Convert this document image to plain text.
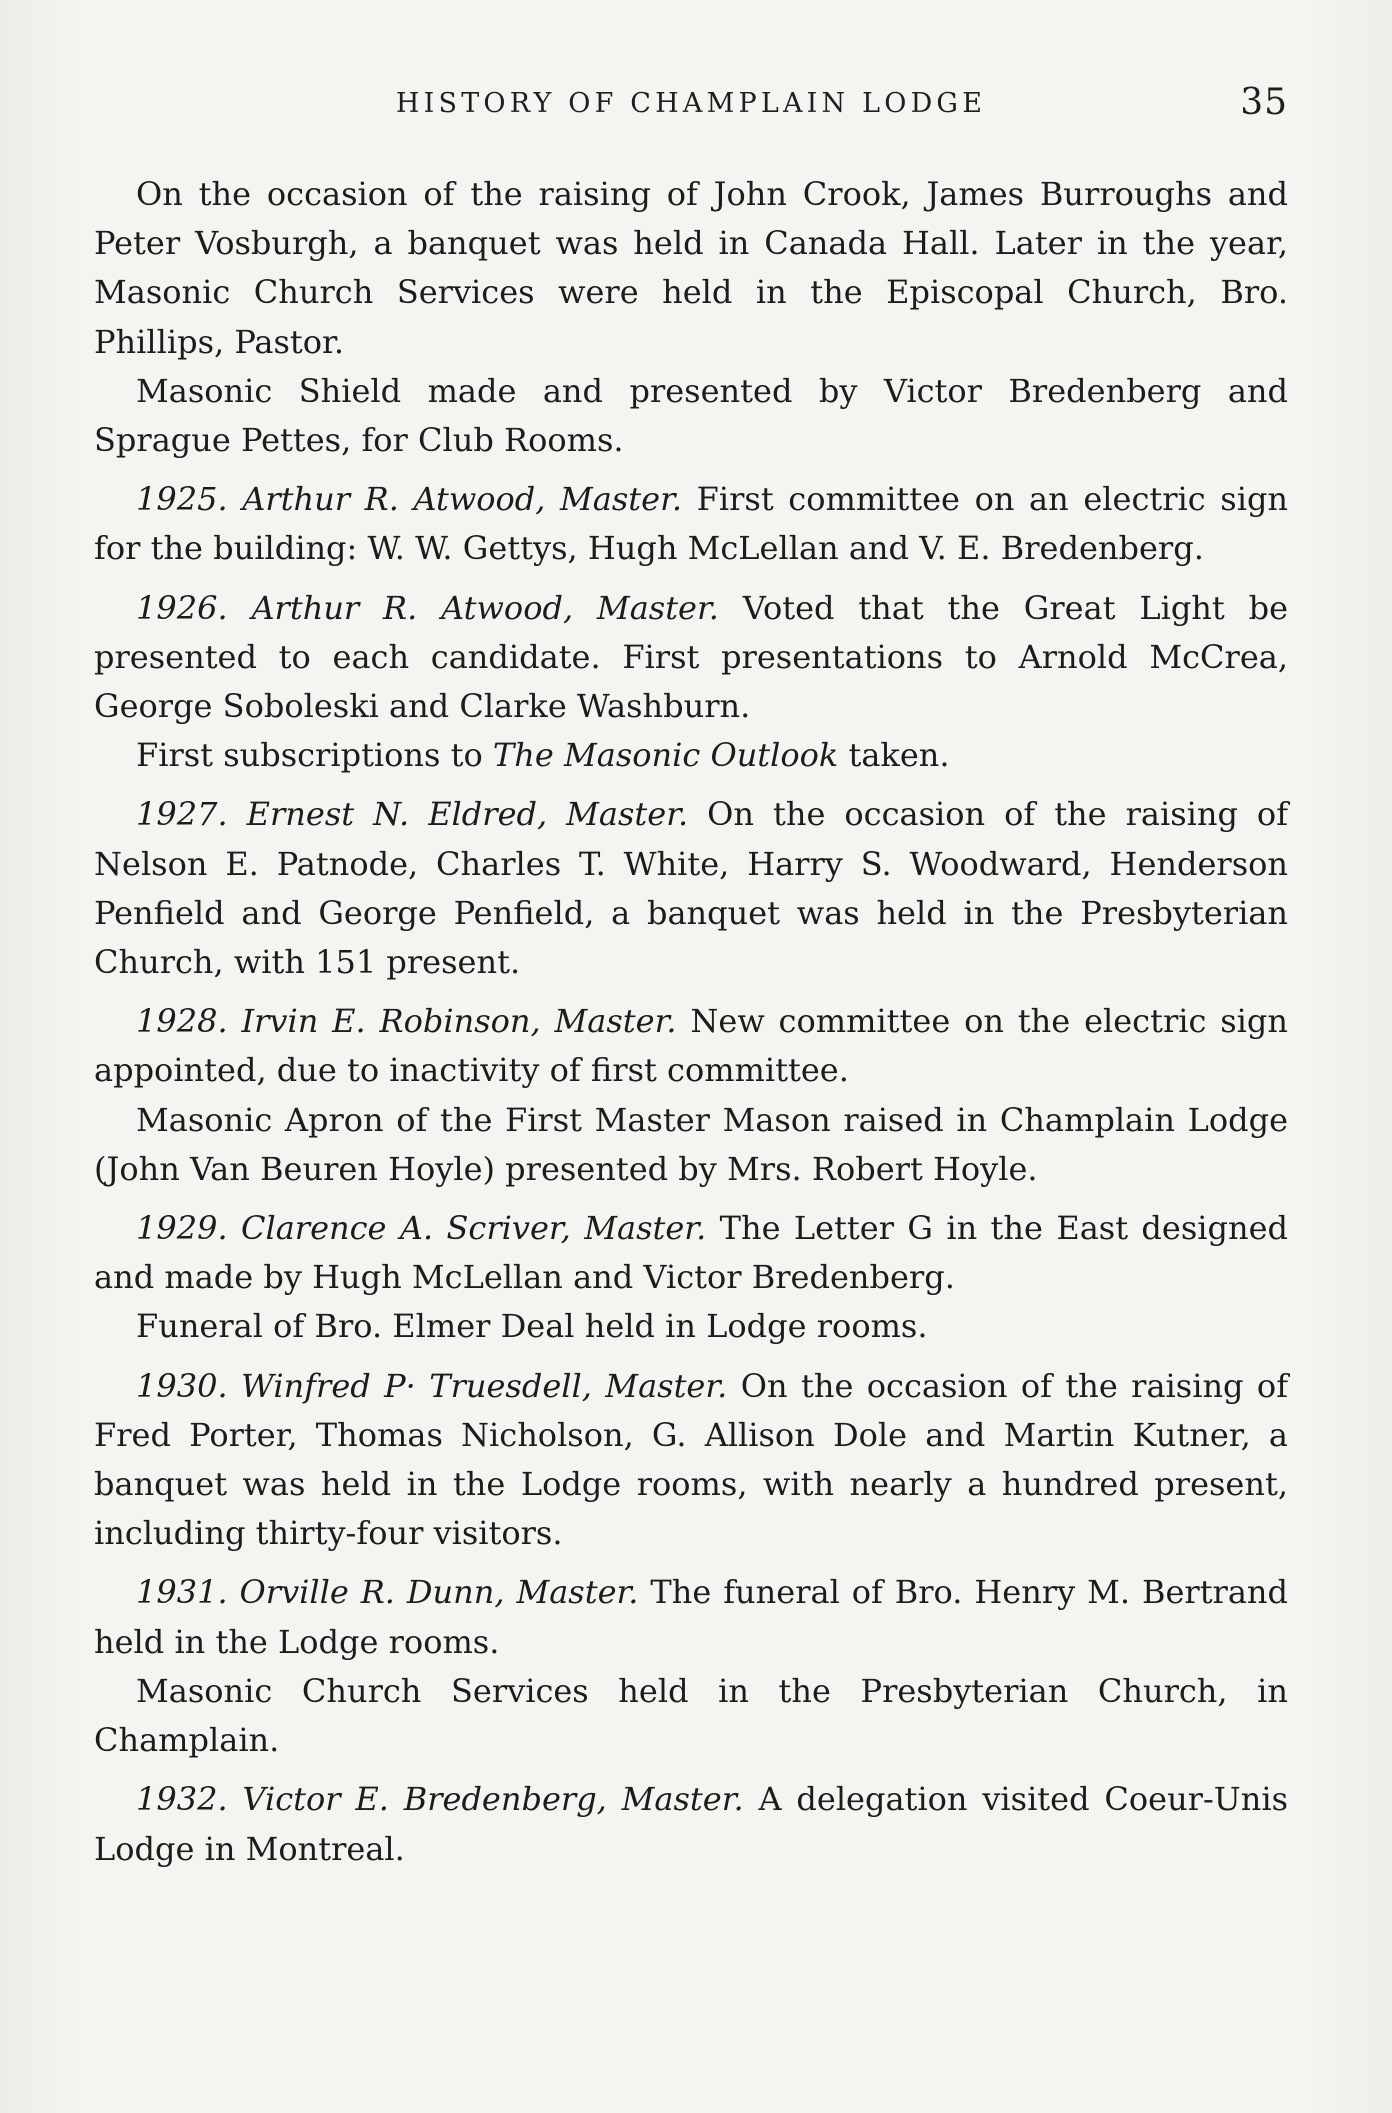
HISTORY OF CHAMPLAIN LODGE	35

On the occasion of the raising of John Crook, James Burroughs and Peter Vosburgh, a banquet was held in Canada Hall. Later in the year, Masonic Church Services were held in the Episcopal Church, Bro. Phillips, Pastor.

Masonic Shield made and presented by Victor Bredenberg and Sprague Pettes, for Club Rooms.

1925. Arthur R. Atwood, Master. First committee on an electric sign for the building: W. W. Gettys, Hugh McLellan and V. E. Bredenberg.

1926. Arthur R. Atwood, Master. Voted that the Great Light be presented to each candidate. First presentations to Arnold McCrea, George Soboleski and Clarke Washburn.

First subscriptions to The Masonic Outlook taken.

1927. Ernest N. Eldred, Master. On the occasion of the raising of Nelson E. Patnode, Charles T. White, Harry S. Woodward, Henderson Penfield and George Penfield, a banquet was held in the Presbyterian Church, with 151 present.

1928. Irvin E. Robinson, Master. New committee on the electric sign appointed, due to inactivity of first committee.

Masonic Apron of the First Master Mason raised in Champlain Lodge (John Van Beuren Hoyle) presented by Mrs. Robert Hoyle.

1929. Clarence A. Scriver, Master. The Letter G in the East designed and made by Hugh McLellan and Victor Bredenberg.

Funeral of Bro. Elmer Deal held in Lodge rooms.

1930. Winfred P· Truesdell, Master. On the occasion of the raising of Fred Porter, Thomas Nicholson, G. Allison Dole and Martin Kutner, a banquet was held in the Lodge rooms, with nearly a hundred present, including thirty-four visitors.

1931. Orville R. Dunn, Master. The funeral of Bro. Henry M. Bertrand held in the Lodge rooms.

Masonic Church Services held in the Presbyterian Church, in Champlain.

1932. Victor E. Bredenberg, Master. A delegation visited Coeur-Unis Lodge in Montreal.
